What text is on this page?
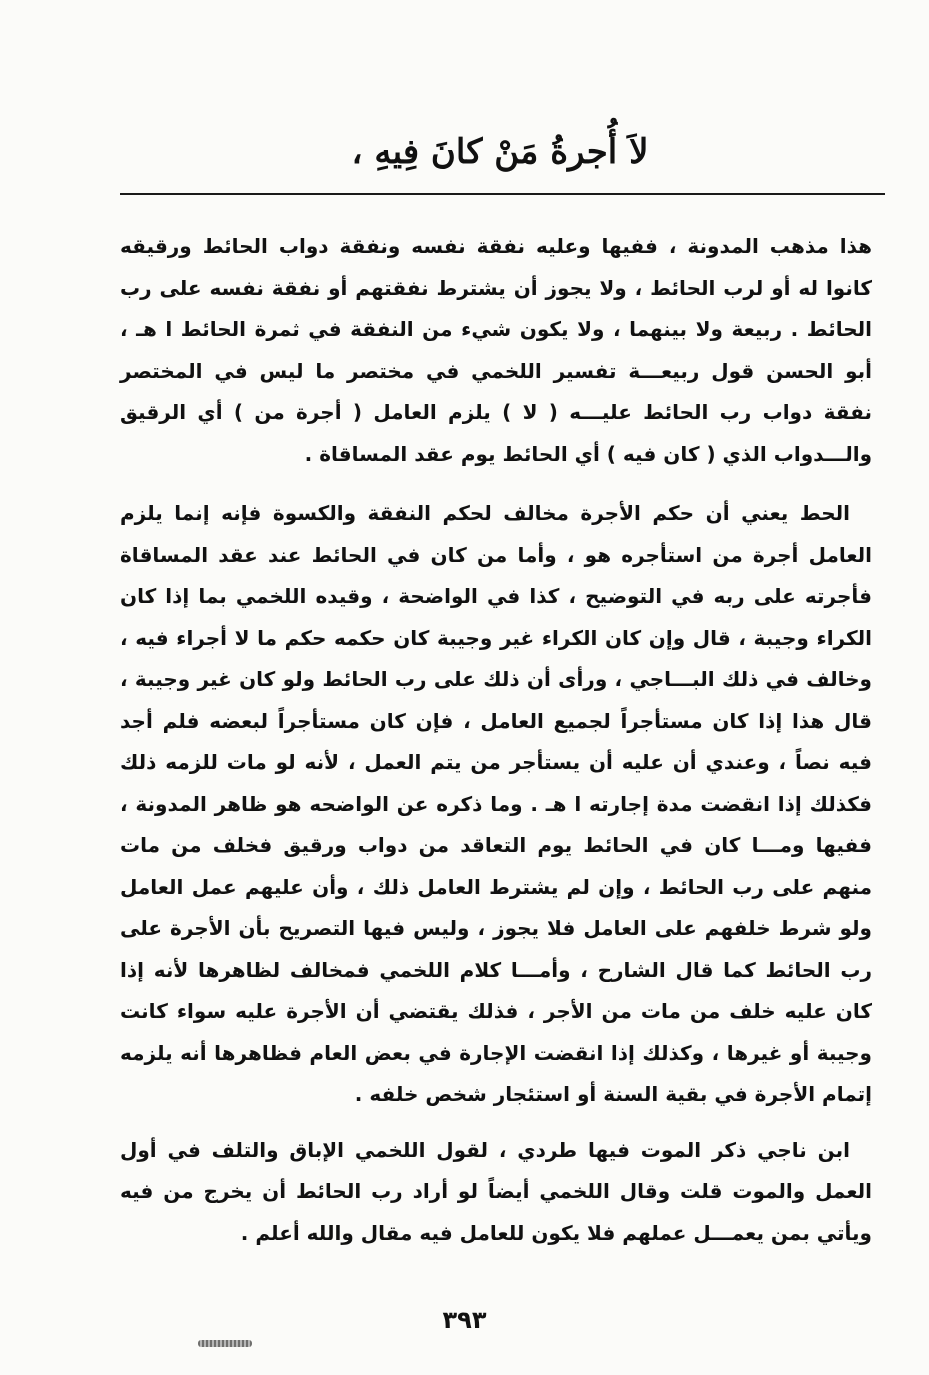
لاَ أُجرةُ مَنْ كانَ فِيهِ ،

هذا مذهب المدونة ، ففيها وعليه نفقة نفسه ونفقة دواب الحائط ورقيقه كانوا له أو لرب الحائط ، ولا يجوز أن يشترط نفقتهم أو نفقة نفسه على رب الحائط . ربيعة ولا بينهما ، ولا يكون شيء من النفقة في ثمرة الحائط ا هـ ، أبو الحسن قول ربيعـــة تفسير اللخمي في مختصر ما ليس في المختصر نفقة دواب رب الحائط عليـــه ( لا ) يلزم العامل ( أجرة من ) أي الرقيق والـــدواب الذي ( كان فيه ) أي الحائط يوم عقد المساقاة .

الحط يعني أن حكم الأجرة مخالف لحكم النفقة والكسوة فإنه إنما يلزم العامل أجرة من استأجره هو ، وأما من كان في الحائط عند عقد المساقاة فأجرته على ربه في التوضيح ، كذا في الواضحة ، وقيده اللخمي بما إذا كان الكراء وجيبة ، قال وإن كان الكراء غير وجيبة كان حكمه حكم ما لا أجراء فيه ، وخالف في ذلك البـــاجي ، ورأى أن ذلك على رب الحائط ولو كان غير وجيبة ، قال هذا إذا كان مستأجراً لجميع العامل ، فإن كان مستأجراً لبعضه فلم أجد فيه نصاً ، وعندي أن عليه أن يستأجر من يتم العمل ، لأنه لو مات للزمه ذلك فكذلك إذا انقضت مدة إجارته ا هـ . وما ذكره عن الواضحه هو ظاهر المدونة ، ففيها ومـــا كان في الحائط يوم التعاقد من دواب ورقيق فخلف من مات منهم على رب الحائط ، وإن لم يشترط العامل ذلك ، وأن عليهم عمل العامل ولو شرط خلفهم على العامل فلا يجوز ، وليس فيها التصريح بأن الأجرة على رب الحائط كما قال الشارح ، وأمـــا كلام اللخمي فمخالف لظاهرها لأنه إذا كان عليه خلف من مات من الأجر ، فذلك يقتضي أن الأجرة عليه سواء كانت وجيبة أو غيرها ، وكذلك إذا انقضت الإجارة في بعض العام فظاهرها أنه يلزمه إتمام الأجرة في بقية السنة أو استئجار شخص خلفه .

ابن ناجي ذكر الموت فيها طردي ، لقول اللخمي الإباق والتلف في أول العمل والموت قلت وقال اللخمي أيضاً لو أراد رب الحائط أن يخرج من فيه ويأتي بمن يعمـــل عملهم فلا يكون للعامل فيه مقال والله أعلم .

٣٩٣
